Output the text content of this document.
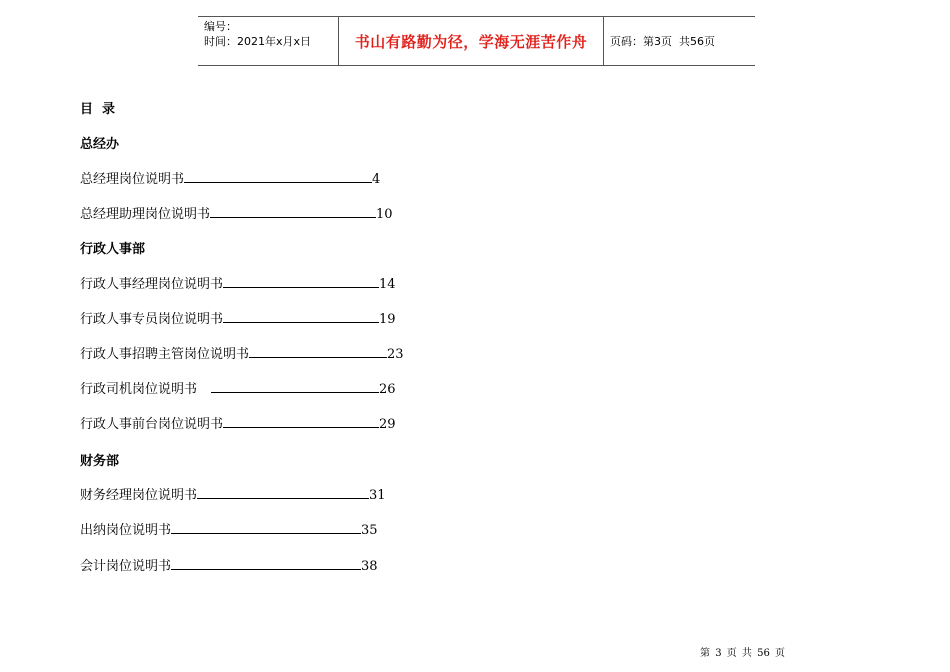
编号：
时间：2021年x月x日	书山有路勤为径，学海无涯苦作舟	页码：第3页  共56页
目  录
总经办
总经理岗位说明书	4
总经理助理岗位说明书	10
行政人事部
行政人事经理岗位说明书	14
行政人事专员岗位说明书	19
行政人事招聘主管岗位说明书	23
行政司机岗位说明书	26
行政人事前台岗位说明书	29
财务部
财务经理岗位说明书	31
出纳岗位说明书	35
会计岗位说明书	38
第 3 页 共 56 页
